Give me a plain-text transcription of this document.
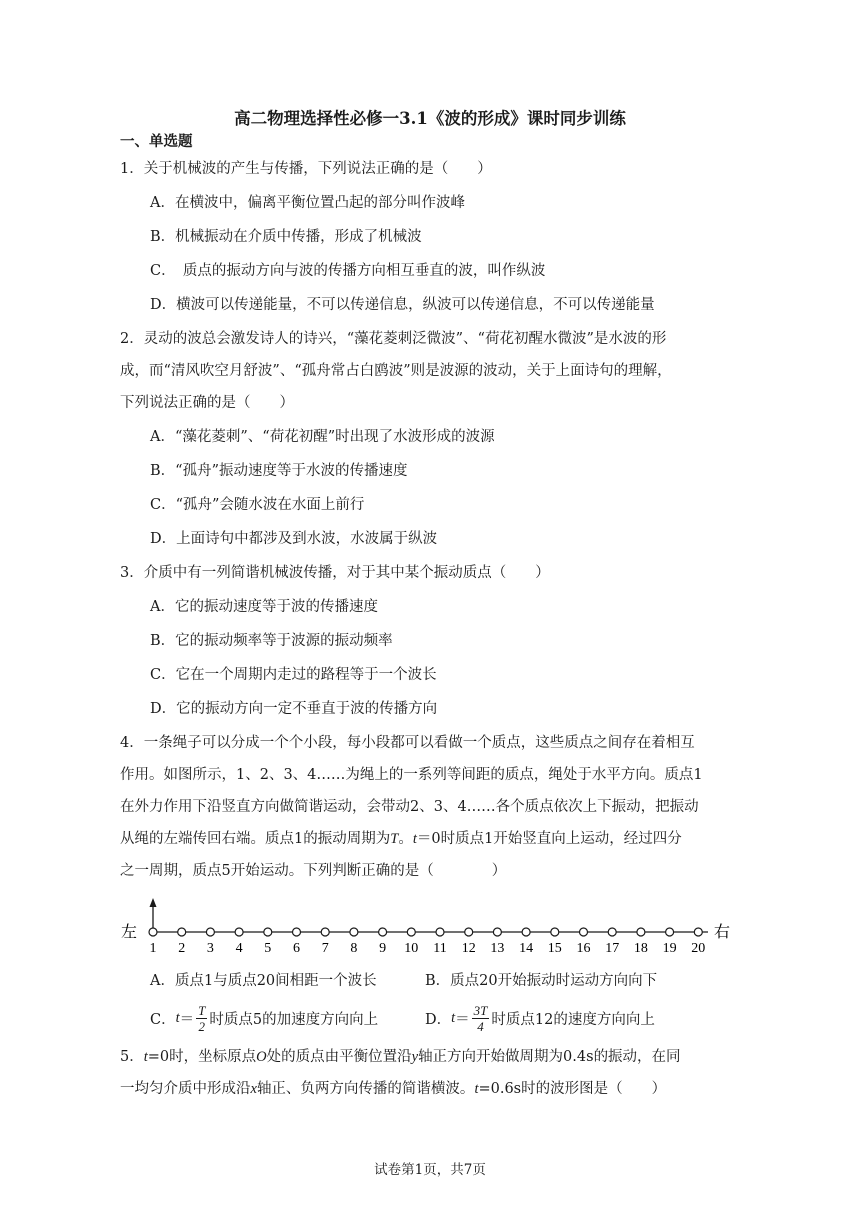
高二物理选择性必修一3.1《波的形成》课时同步训练
一、单选题
1．关于机械波的产生与传播，下列说法正确的是（　　）
A．在横波中，偏离平衡位置凸起的部分叫作波峰
B．机械振动在介质中传播，形成了机械波
C．　质点的振动方向与波的传播方向相互垂直的波，叫作纵波
D．横波可以传递能量，不可以传递信息，纵波可以传递信息，不可以传递能量
2．灵动的波总会激发诗人的诗兴，“藻花菱刺泛微波”、“荷花初醒水微波”是水波的形
成，而“清风吹空月舒波”、“孤舟常占白鸥波”则是波源的波动，关于上面诗句的理解，
下列说法正确的是（　　）
A．“藻花菱刺”、“荷花初醒”时出现了水波形成的波源
B．“孤舟”振动速度等于水波的传播速度
C．“孤舟”会随水波在水面上前行
D．上面诗句中都涉及到水波，水波属于纵波
3．介质中有一列简谐机械波传播，对于其中某个振动质点（　　）
A．它的振动速度等于波的传播速度
B．它的振动频率等于波源的振动频率
C．它在一个周期内走过的路程等于一个波长
D．它的振动方向一定不垂直于波的传播方向
4．一条绳子可以分成一个个小段，每小段都可以看做一个质点，这些质点之间存在着相互
作用。如图所示，1、2、3、4……为绳上的一系列等间距的质点，绳处于水平方向。质点1
在外力作用下沿竖直方向做简谐运动，会带动2、3、4……各个质点依次上下振动，把振动
从绳的左端传回右端。质点1的振动周期为T。t＝0时质点1开始竖直向上运动，经过四分
之一周期，质点5开始运动。下列判断正确的是（　　　　）
左	右
1 2 3 4 5 6 7 8 9 10 11 12 13 14 15 16 17 18 19 20
A．质点1与质点20间相距一个波长	B．质点20开始振动时运动方向向下
C． $t = \frac{T}{2}$ 时质点5的加速度方向向上	D． $t = \frac{3T}{4}$ 时质点12的速度方向向上
5．t=0时，坐标原点O处的质点由平衡位置沿y轴正方向开始做周期为0.4s的振动，在同
一均匀介质中形成沿x轴正、负两方向传播的简谐横波。t=0.6s时的波形图是（　　）
试卷第1页，共7页
